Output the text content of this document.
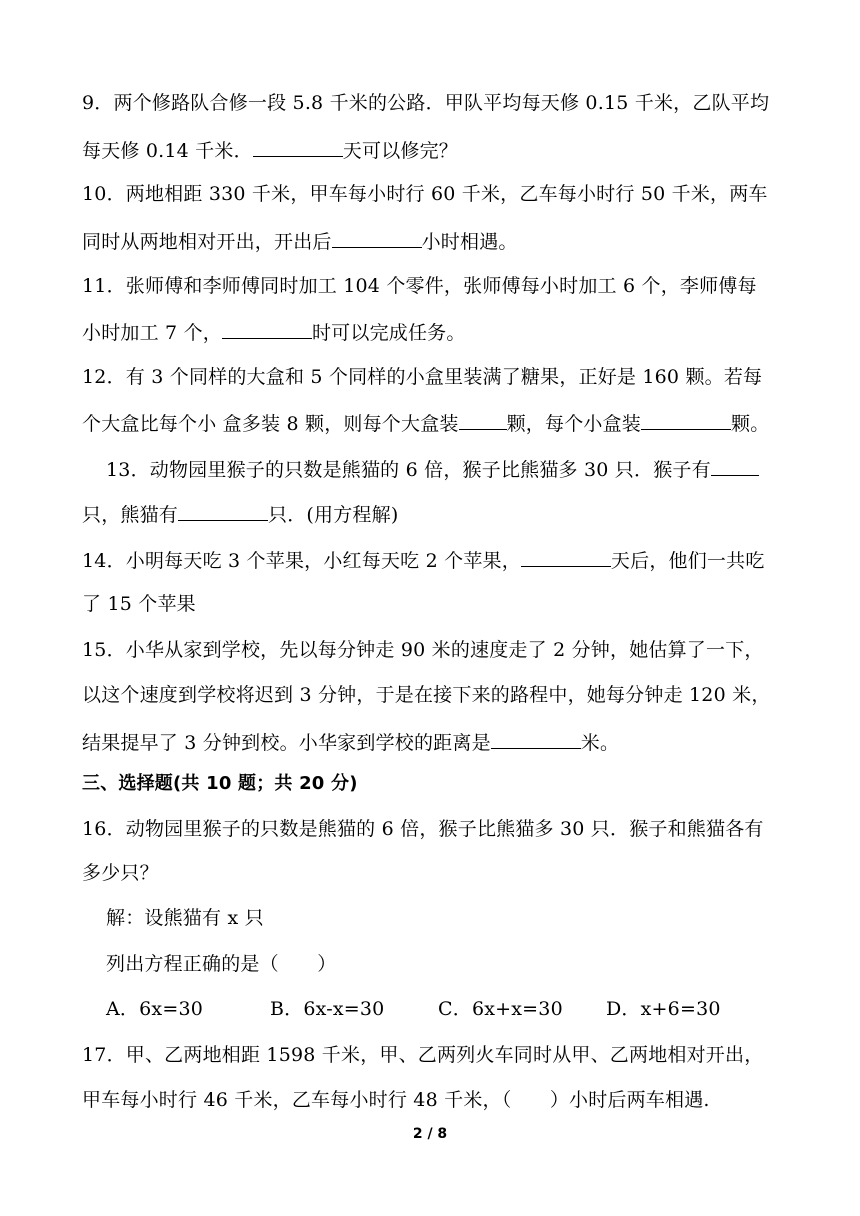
9．两个修路队合修一段 5.8 千米的公路．甲队平均每天修 0.15 千米，乙队平均
每天修 0.14 千米．	天可以修完？
10．两地相距 330 千米，甲车每小时行 60 千米，乙车每小时行 50 千米，两车
同时从两地相对开出，开出后	小时相遇。
11．张师傅和李师傅同时加工 104 个零件，张师傅每小时加工 6 个，李师傅每
小时加工 7 个，	时可以完成任务。
12．有 3 个同样的大盒和 5 个同样的小盒里装满了糖果，正好是 160 颗。若每
个大盒比每个小 盒多装 8 颗，则每个大盒装	颗，每个小盒装	颗。
13．动物园里猴子的只数是熊猫的 6 倍，猴子比熊猫多 30 只．猴子有
只，熊猫有	只．(用方程解)
14．小明每天吃 3 个苹果，小红每天吃 2 个苹果，	天后，他们一共吃
了 15 个苹果
15．小华从家到学校，先以每分钟走 90 米的速度走了 2 分钟，她估算了一下，
以这个速度到学校将迟到 3 分钟，于是在接下来的路程中，她每分钟走 120 米，
结果提早了 3 分钟到校。小华家到学校的距离是	米。
三、选择题(共 10 题；共 20 分)
16．动物园里猴子的只数是熊猫的 6 倍，猴子比熊猫多 30 只．猴子和熊猫各有
多少只？
解：设熊猫有 x 只
列出方程正确的是（　　）
A．6x=30	B．6x-x=30	C．6x+x=30 D．x+6=30
17．甲、乙两地相距 1598 千米，甲、乙两列火车同时从甲、乙两地相对开出，
甲车每小时行 46 千米，乙车每小时行 48 千米，（　　）小时后两车相遇.
2 / 8
